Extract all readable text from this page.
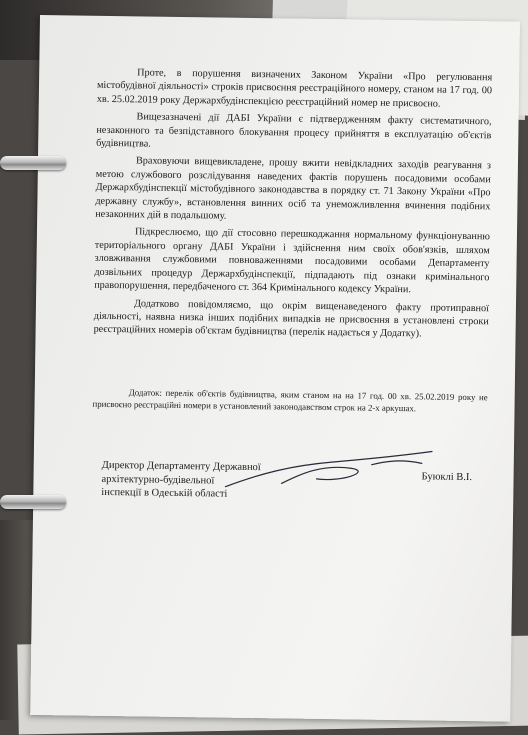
Проте, в порушення визначених Законом України «Про регулювання містобудівної діяльності» строків присвоєння реєстраційного номеру, станом на 17 год. 00 хв. 25.02.2019 року Держархбудінспекцією реєстраційний номер не присвоєно.

Вищезазначені дії ДАБІ України є підтвердженням факту систематичного, незаконного та безпідставного блокування процесу прийняття в експлуатацію об'єктів будівництва.

Враховуючи вищевикладене, прошу вжити невідкладних заходів реагування з метою службового розслідування наведених фактів порушень посадовими особами Держархбудінспекції містобудівного законодавства в порядку ст. 71 Закону України «Про державну службу», встановлення винних осіб та унеможливлення вчинення подібних незаконних дій в подальшому.

Підкреслюємо, що дії стосовно перешкоджання нормальному функціонуванню територіального органу ДАБІ України і здійснення ним своїх обов'язків, шляхом зловживання службовими повноваженнями посадовими особами Департаменту дозвільних процедур Держархбудінспекції, підпадають під ознаки кримінального правопорушення, передбаченого ст. 364 Кримінального кодексу України.

Додатково повідомляємо, що окрім вищенаведеного факту протиправної діяльності, наявна низка інших подібних випадків не присвоєння в установлені строки реєстраційних номерів об'єктам будівництва (перелік надається у Додатку).

Додаток: перелік об'єктів будівництва, яким станом на на 17 год. 00 хв. 25.02.2019 року не присвоєно реєстраційні номери в установлений законодавством строк на 2-х аркушах.
Директор Департаменту Державної
архітектурно-будівельної
інспекції в Одеській області
Буюклі В.І.
